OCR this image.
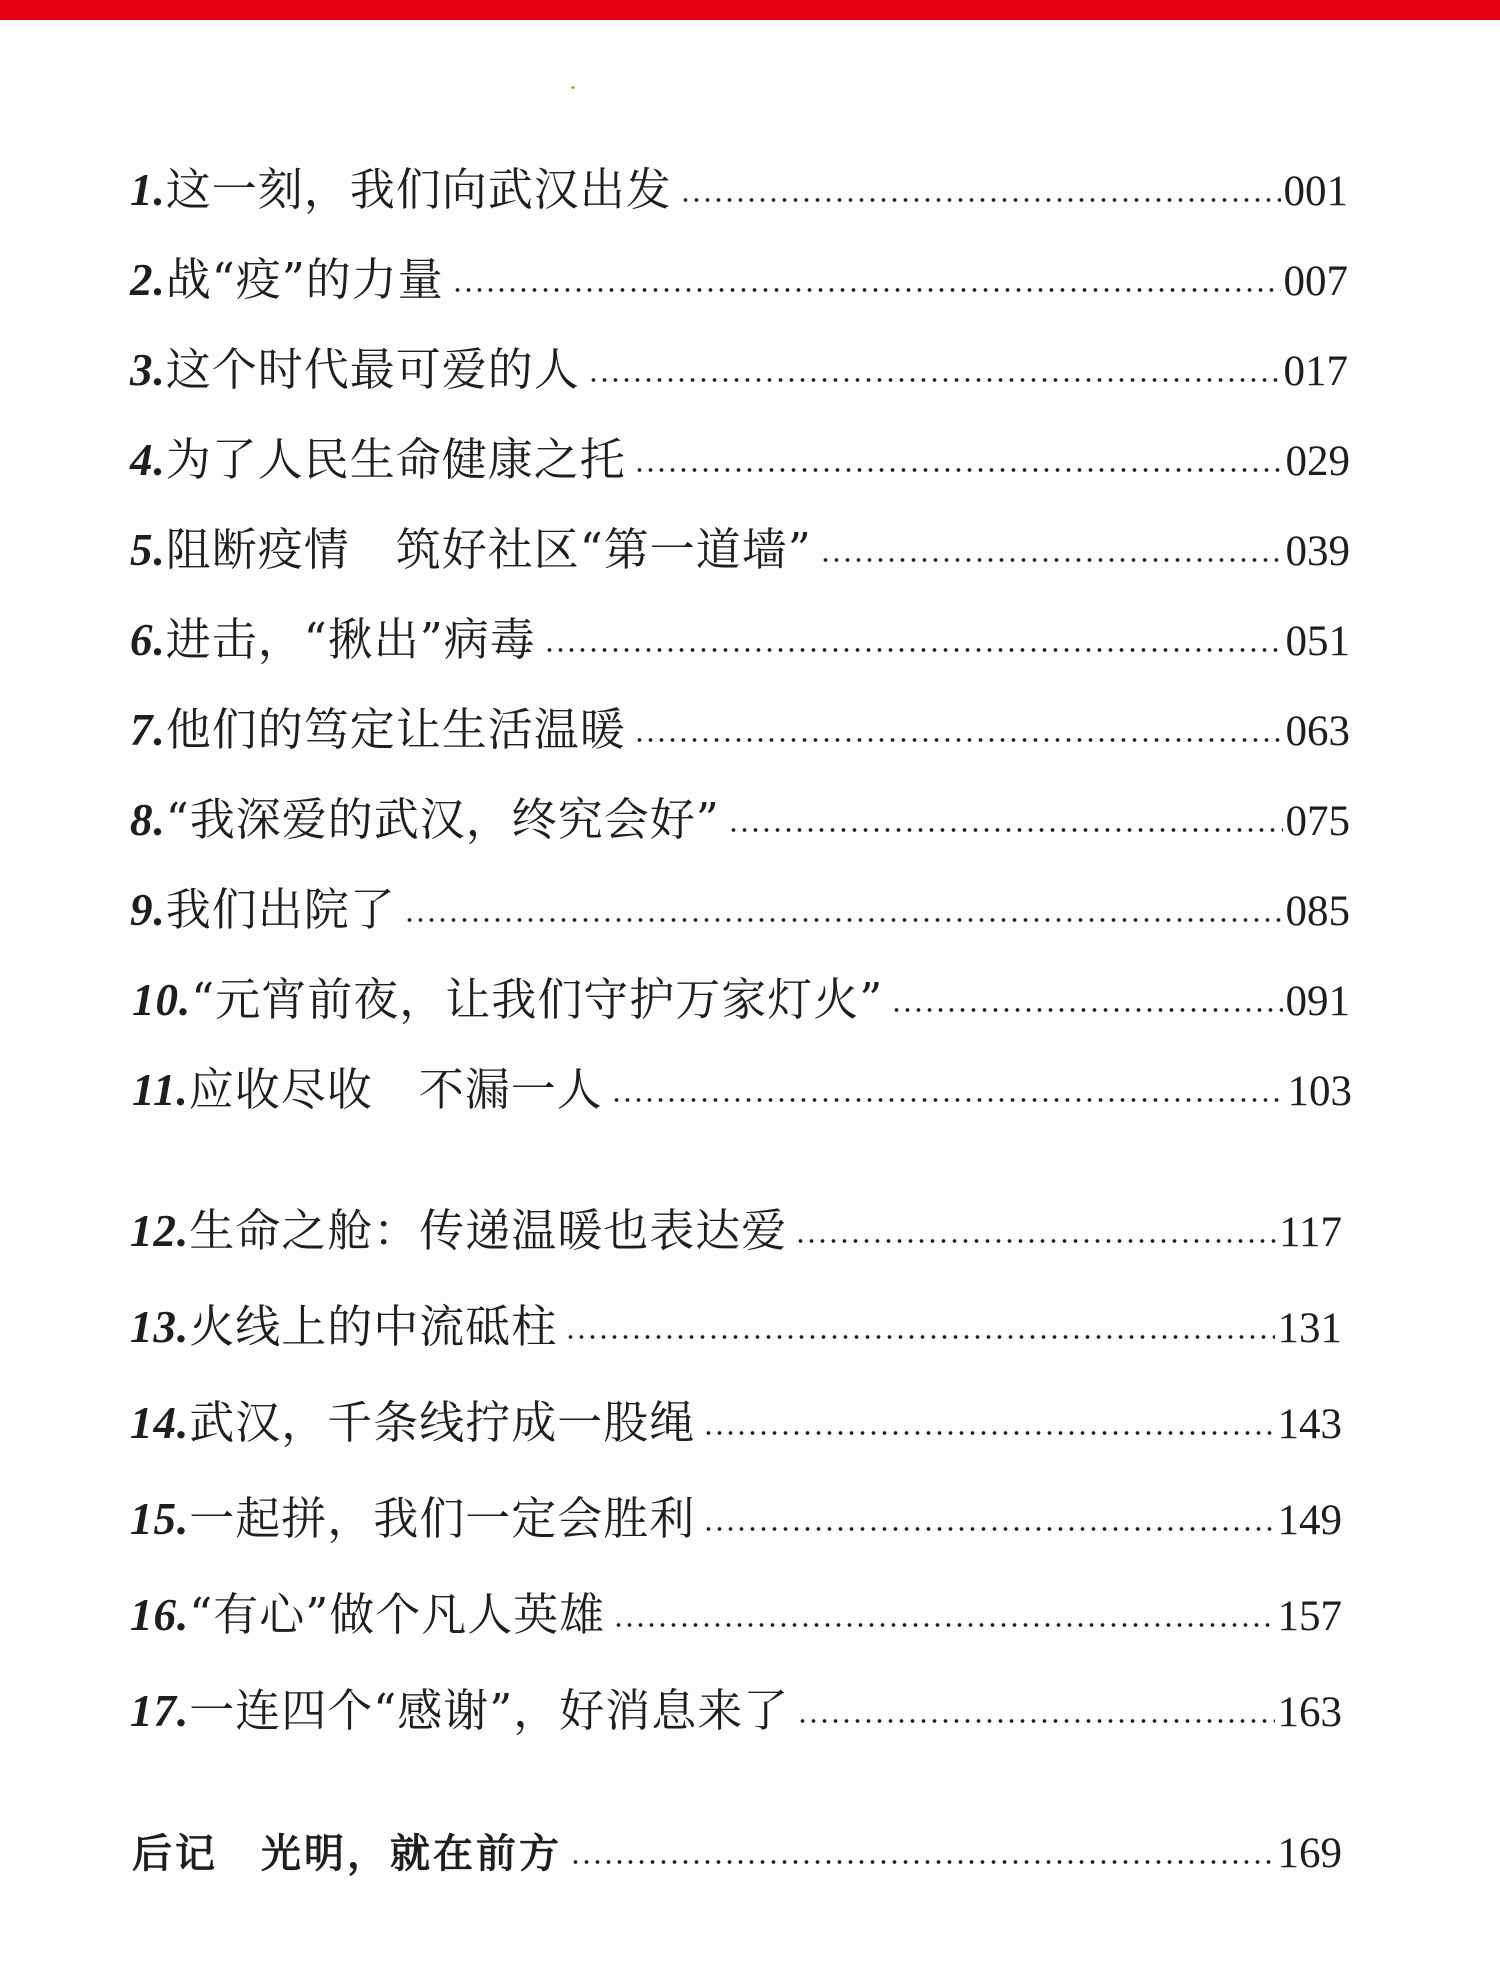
1. 这一刻，我们向武汉出发	001
2. 战“疫”的力量	007
3. 这个时代最可爱的人	017
4. 为了人民生命健康之托	029
5. 阻断疫情　筑好社区“第一道墙”	039
6. 进击，“揪出”病毒	051
7. 他们的笃定让生活温暖	063
8. “我深爱的武汉，终究会好”	075
9. 我们出院了	085
10. “元宵前夜，让我们守护万家灯火”	091
11. 应收尽收　不漏一人	103
12. 生命之舱：传递温暖也表达爱	117
13. 火线上的中流砥柱	131
14. 武汉，千条线拧成一股绳	143
15. 一起拼，我们一定会胜利	149
16. “有心”做个凡人英雄	157
17. 一连四个“感谢”，好消息来了	163
后记　光明，就在前方	169
